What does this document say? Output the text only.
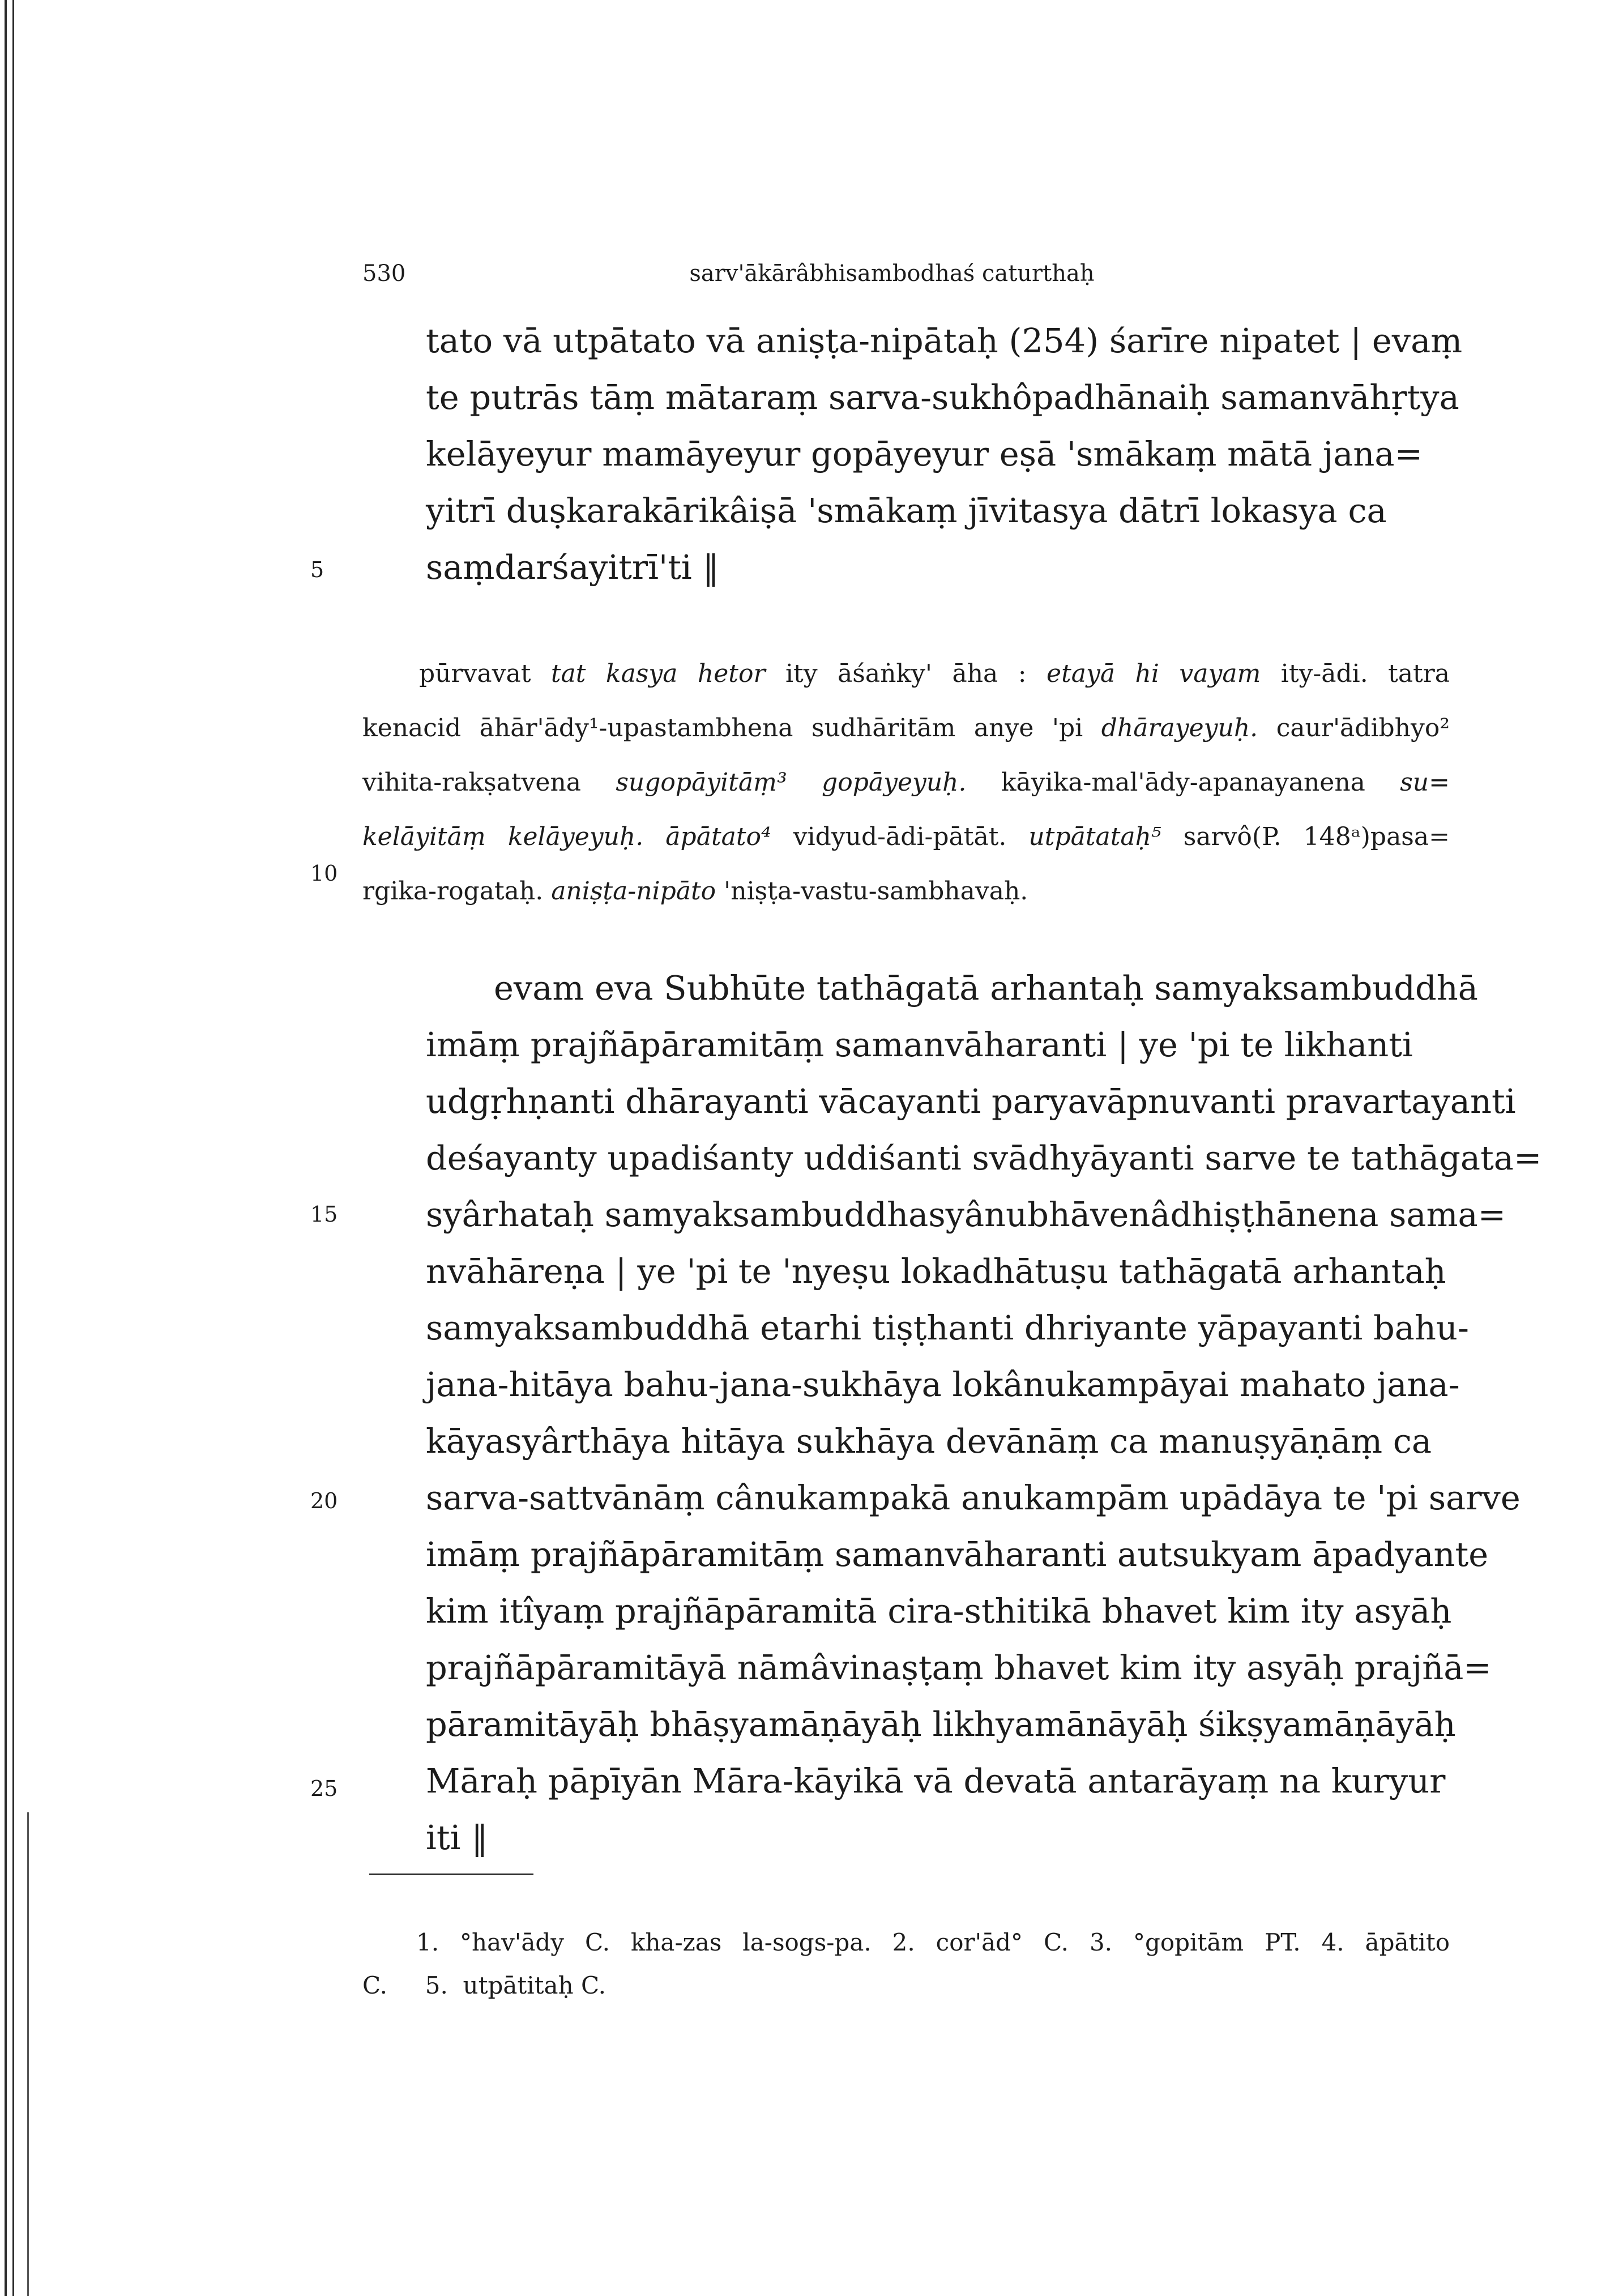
530	sarv'ākārâbhisambodhaś caturthaḥ
tato vā utpātato vā aniṣṭa-nipātaḥ (254) śarīre nipatet | evaṃ
te putrās tāṃ mātaraṃ sarva-sukhôpadhānaiḥ samanvāhṛtya
kelāyeyur mamāyeyur gopāyeyur eṣā 'smākaṃ mātā jana=
yitrī duṣkarakārikâiṣā 'smākaṃ jīvitasya dātrī lokasya ca
saṃdarśayitrī'ti ‖
pūrvavat tat kasya hetor ity āśaṅky' āha : etayā hi vayam ity-ādi. tatra
kenacid āhār'ādy¹-upastambhena sudhāritām anye 'pi dhārayeyuḥ. caur'ādibhyo²
vihita-rakṣatvena sugopāyitāṃ³ gopāyeyuḥ. kāyika-mal'ādy-apanayanena su=
kelāyitāṃ kelāyeyuḥ. āpātato⁴ vidyud-ādi-pātāt. utpātataḥ⁵ sarvô(P. 148ᵃ)pasa=
rgika-rogataḥ. aniṣṭa-nipāto 'niṣṭa-vastu-sambhavaḥ.
evam eva Subhūte tathāgatā arhantaḥ samyaksambuddhā
imāṃ prajñāpāramitāṃ samanvāharanti | ye 'pi te likhanti
udgṛhṇanti dhārayanti vācayanti paryavāpnuvanti pravartayanti
deśayanty upadiśanty uddiśanti svādhyāyanti sarve te tathāgata=
syârhataḥ samyaksambuddhasyânubhāvenâdhiṣṭhānena sama=
nvāhāreṇa | ye 'pi te 'nyeṣu lokadhātuṣu tathāgatā arhantaḥ
samyaksambuddhā etarhi tiṣṭhanti dhriyante yāpayanti bahu-
jana-hitāya bahu-jana-sukhāya lokânukampāyai mahato jana-
kāyasyârthāya hitāya sukhāya devānāṃ ca manuṣyāṇāṃ ca
sarva-sattvānāṃ cânukampakā anukampām upādāya te 'pi sarve
imāṃ prajñāpāramitāṃ samanvāharanti autsukyam āpadyante
kim itîyaṃ prajñāpāramitā cira-sthitikā bhavet kim ity asyāḥ
prajñāpāramitāyā nāmâvinaṣṭaṃ bhavet kim ity asyāḥ prajñā=
pāramitāyāḥ bhāṣyamāṇāyāḥ likhyamānāyāḥ śikṣyamāṇāyāḥ
Māraḥ pāpīyān Māra-kāyikā vā devatā antarāyaṃ na kuryur
iti ‖
5
10
15
20
25
1. °hav'ādy C. kha-zas la-sogs-pa. 2. cor'ād° C. 3. °gopitām PT. 4. āpātito
C.     5.  utpātitaḥ C.
